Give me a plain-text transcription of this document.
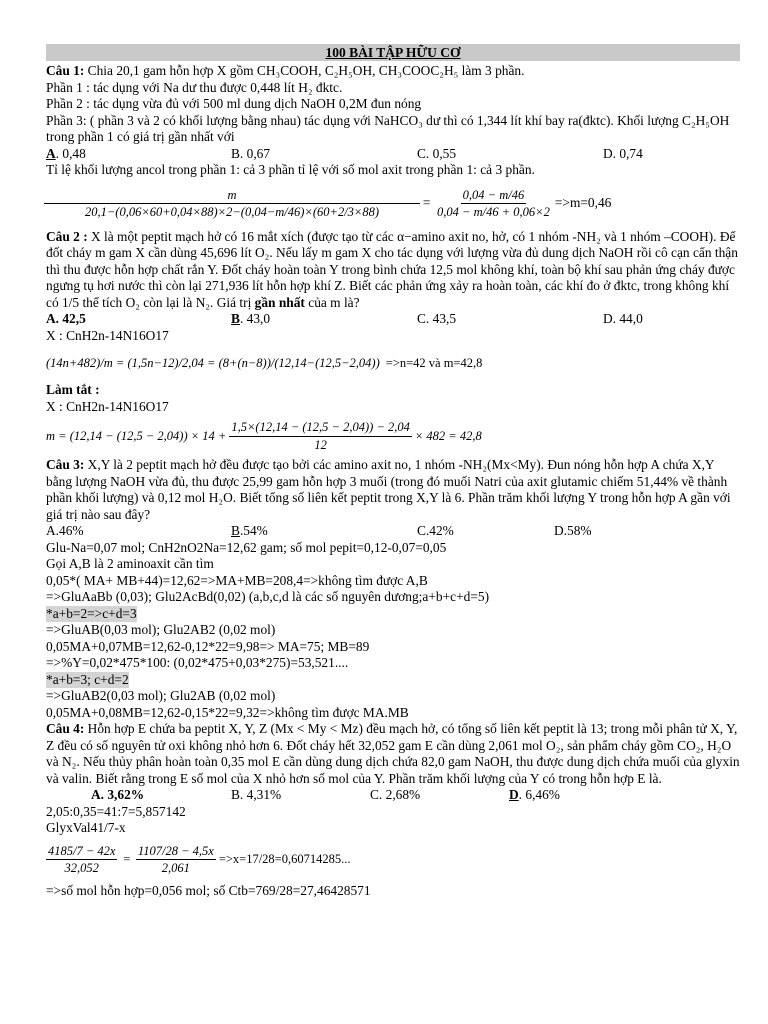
100 BÀI TẬP HỮU CƠ

Câu 1: Chia 20,1 gam hỗn hợp X gồm CH₃COOH, C₂H₅OH, CH₃COOC₂H₅ làm 3 phần.

Phần 1 : tác dụng với Na dư thu được 0,448 lít H₂ đktc.

Phần 2 : tác dụng vừa đủ với 500 ml dung dịch NaOH 0,2M đun nóng

Phần 3: ( phần 3 và 2 có khối lượng bằng nhau) tác dụng với NaHCO₃ dư thì có 1,344 lít khí bay ra(đktc). Khối lượng C₂H₅OH trong phần 1 có giá trị gần nhất với

A. 0,48	B. 0,67	C. 0,55	D. 0,74

Tỉ lệ khối lượng ancol trong phần 1: cả 3 phần tỉ lệ với số mol axit trong phần 1: cả 3 phần.

$\frac{m}{20,1-(0,06\times 60+0,04\times 88)\times 2-(0,04-m/46)\times(60+2/3\times 88)} = \frac{0,04 - m/46}{0,04 - m/46 + 0,06\times 2} =>m=0,46$

Câu 2 : X là một peptit mạch hở có 16 mắt xích (được tạo từ các α−amino axit no, hở, có 1 nhóm -NH₂ và 1 nhóm –COOH). Để đốt cháy m gam X cần dùng 45,696 lít O₂. Nếu lấy m gam X cho tác dụng với lượng vừa đủ dung dịch NaOH rồi cô cạn cẩn thận thì thu được hỗn hợp chất rắn Y. Đốt cháy hoàn toàn Y trong bình chứa 12,5 mol không khí, toàn bộ khí sau phản ứng cháy được ngưng tụ hơi nước thì còn lại 271,936 lít hỗn hợp khí Z. Biết các phản ứng xảy ra hoàn toàn, các khí đo ở đktc, trong không khí có 1/5 thể tích O₂ còn lại là N₂. Giá trị gần nhất của m là?

A. 42,5	B. 43,0	C. 43,5	D. 44,0

X : CnH2n-14N16O17

(14n+482)/m = (1,5n−12)/2,04 = (8+(n−8))/(12,14−(12,5−2,04)) =>n=42 và m=42,8

Làm tắt :

X : CnH2n-14N16O17

$m = (12,14 - (12,5 - 2,04)) \times 14 + \frac{1,5\times(12,14 - (12,5 - 2,04)) - 2,04}{12} \times 482 = 42,8$

Câu 3: X,Y là 2 peptit mạch hở đều được tạo bởi các amino axit no, 1 nhóm -NH₂(Mx<My). Đun nóng hỗn hợp A chứa X,Y bằng lượng NaOH vừa đủ, thu được 25,99 gam hỗn hợp 3 muối (trong đó muối Natri của axit glutamic chiếm 51,44% về thành phần khối lượng) và 0,12 mol H₂O. Biết tổng số liên kết peptit trong X,Y là 6. Phần trăm khối lượng Y trong hỗn hợp A gần với giá trị nào sau đây?

A.46%	B.54%	C.42%	D.58%

Glu-Na=0,07 mol; CnH2nO2Na=12,62 gam; số mol pepit=0,12-0,07=0,05

Gọi A,B là 2 aminoaxit cần tìm

0,05*( MA+ MB+44)=12,62=>MA+MB=208,4=>không tìm được A,B

=>GluAaBb (0,03); Glu2AcBd(0,02) (a,b,c,d là các số nguyên dương;a+b+c+d=5)

*a+b=2=>c+d=3

=>GluAB(0,03 mol); Glu2AB2 (0,02 mol)

0,05MA+0,07MB=12,62-0,12*22=9,98=> MA=75; MB=89

=>%Y=0,02*475*100: (0,02*475+0,03*275)=53,521....

*a+b=3; c+d=2

=>GluAB2(0,03 mol); Glu2AB (0,02 mol)

0,05MA+0,08MB=12,62-0,15*22=9,32=>không tìm được MA.MB

Câu 4: Hỗn hợp E chứa ba peptit X, Y, Z (Mx < My < Mz) đều mạch hở, có tổng số liên kết peptit là 13; trong mỗi phân tử X, Y, Z đều có số nguyên tử oxi không nhỏ hơn 6. Đốt cháy hết 32,052 gam E cần dùng 2,061 mol O₂, sản phẩm cháy gồm CO₂, H₂O và N₂. Nếu thủy phân hoàn toàn 0,35 mol E cần dùng dung dịch chứa 82,0 gam NaOH, thu được dung dịch chứa muối của glyxin và valin. Biết rằng trong E số mol của X nhỏ hơn số mol của Y. Phần trăm khối lượng của Y có trong hỗn hợp E là.

A. 3,62%	B. 4,31%	C. 2,68%	D. 6,46%

2,05:0,35=41:7=5,857142

GlyxVal41/7-x

$\frac{4185/7 - 42x}{32,052} = \frac{1107/28 - 4,5x}{2,061} =>x=17/28=0,60714285$...

=>số mol hỗn hợp=0,056 mol; số Ctb=769/28=27,46428571
